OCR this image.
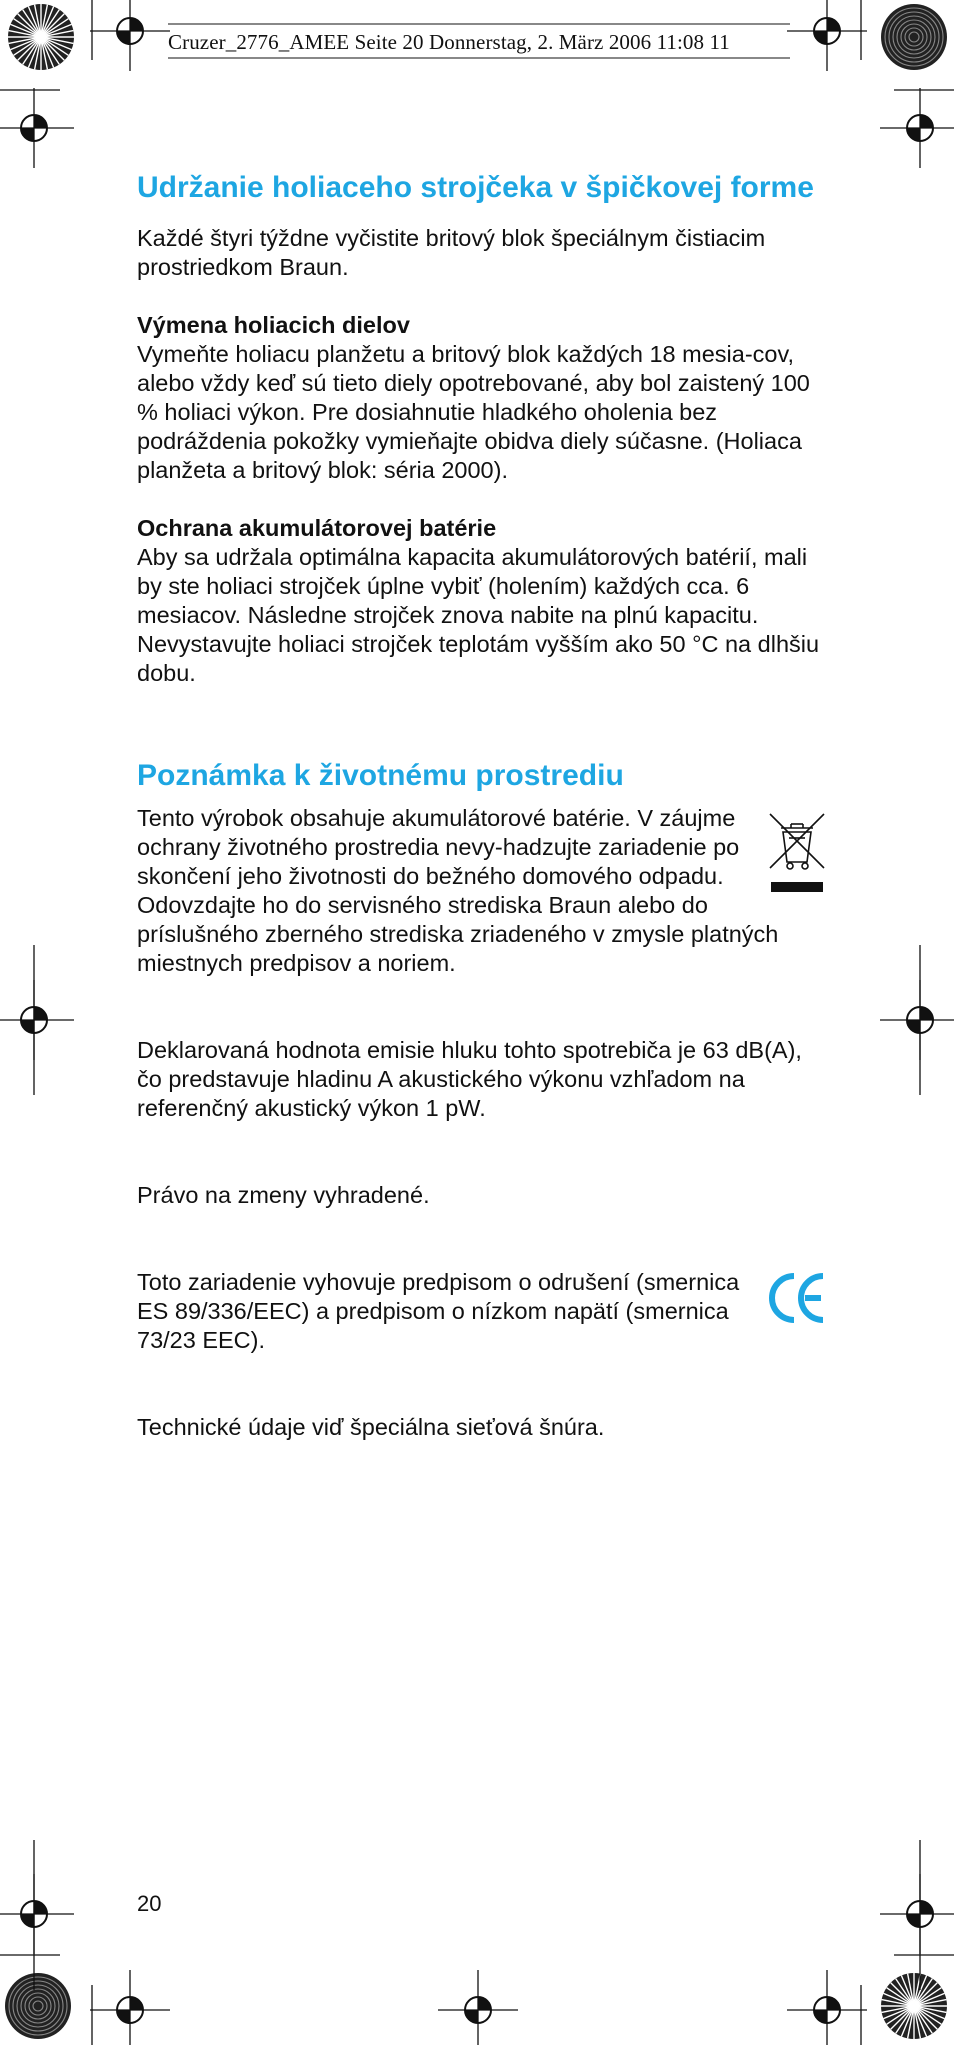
Cruzer_2776_AMEE Seite 20 Donnerstag, 2. März 2006 11:08 11
Udržanie holiaceho strojčeka v špičkovej forme

Každé štyri týždne vyčistite britový blok špeciálnym čistiacim prostriedkom Braun.

Výmena holiacich dielov

Vymeňte holiacu planžetu a britový blok každých 18 mesia-cov, alebo vždy keď sú tieto diely opotrebované, aby bol zaistený 100 % holiaci výkon. Pre dosiahnutie hladkého oholenia bez podráždenia pokožky vymieňajte obidva diely súčasne. (Holiaca planžeta a britový blok: séria 2000).

Ochrana akumulátorovej batérie

Aby sa udržala optimálna kapacita akumulátorových batérií, mali by ste holiaci strojček úplne vybiť (holením) každých cca. 6 mesiacov. Následne strojček znova nabite na plnú kapacitu. Nevystavujte holiaci strojček teplotám vyšším ako 50 °C na dlhšiu dobu.

Poznámka k životnému prostrediu

Tento výrobok obsahuje akumulátorové batérie. V záujme ochrany životného prostredia nevy-hadzujte zariadenie po skončení jeho životnosti do bežného domového odpadu. Odovzdajte ho do servisného strediska Braun alebo do príslušného zberného strediska zriadeného v zmysle platných miestnych predpisov a noriem.

Deklarovaná hodnota emisie hluku tohto spotrebiča je 63 dB(A), čo predstavuje hladinu A akustického výkonu vzhľadom na referenčný akustický výkon 1 pW.

Právo na zmeny vyhradené.

Toto zariadenie vyhovuje predpisom o odrušení (smernica ES 89/336/EEC) a predpisom o nízkom napätí (smernica 73/23 EEC).

Technické údaje viď špeciálna sieťová šnúra.

20
